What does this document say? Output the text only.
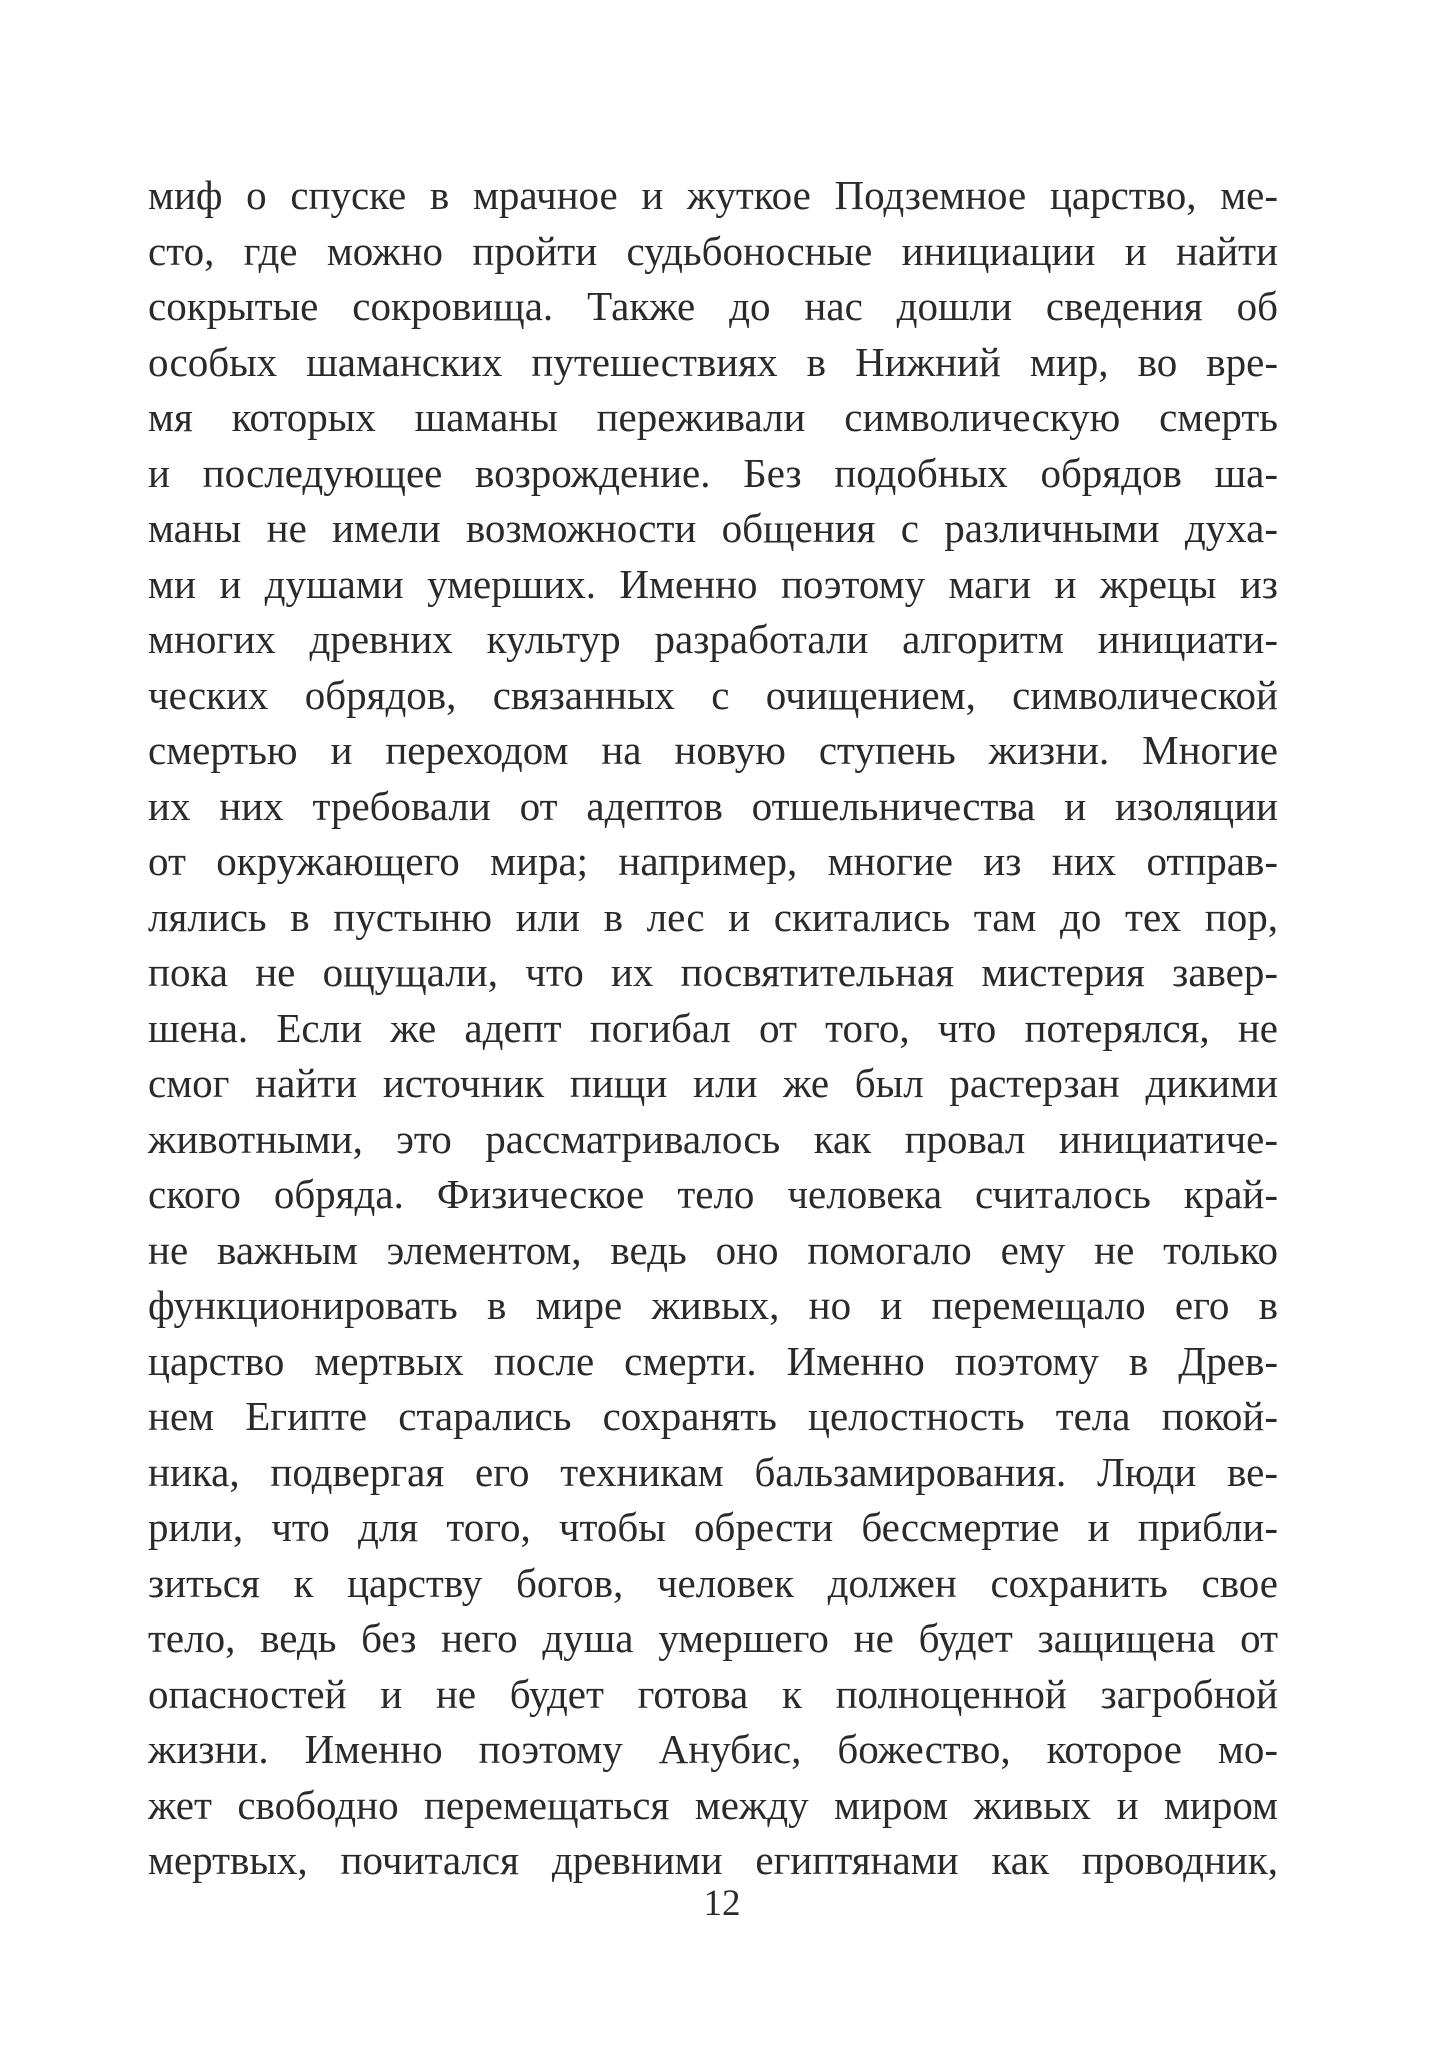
миф о спуске в мрачное и жуткое Подземное царство, ме-
сто, где можно пройти судьбоносные инициации и найти
сокрытые сокровища. Также до нас дошли сведения об
особых шаманских путешествиях в Нижний мир, во вре-
мя которых шаманы переживали символическую смерть
и последующее возрождение. Без подобных обрядов ша-
маны не имели возможности общения с различными духа-
ми и душами умерших. Именно поэтому маги и жрецы из
многих древних культур разработали алгоритм инициати-
ческих обрядов, связанных с очищением, символической
смертью и переходом на новую ступень жизни. Многие
их них требовали от адептов отшельничества и изоляции
от окружающего мира; например, многие из них отправ-
лялись в пустыню или в лес и скитались там до тех пор,
пока не ощущали, что их посвятительная мистерия завер-
шена. Если же адепт погибал от того, что потерялся, не
смог найти источник пищи или же был растерзан дикими
животными, это рассматривалось как провал инициатиче-
ского обряда. Физическое тело человека считалось край-
не важным элементом, ведь оно помогало ему не только
функционировать в мире живых, но и перемещало его в
царство мертвых после смерти. Именно поэтому в Древ-
нем Египте старались сохранять целостность тела покой-
ника, подвергая его техникам бальзамирования. Люди ве-
рили, что для того, чтобы обрести бессмертие и прибли-
зиться к царству богов, человек должен сохранить свое
тело, ведь без него душа умершего не будет защищена от
опасностей и не будет готова к полноценной загробной
жизни. Именно поэтому Анубис, божество, которое мо-
жет свободно перемещаться между миром живых и миром
мертвых, почитался древними египтянами как проводник,
12
